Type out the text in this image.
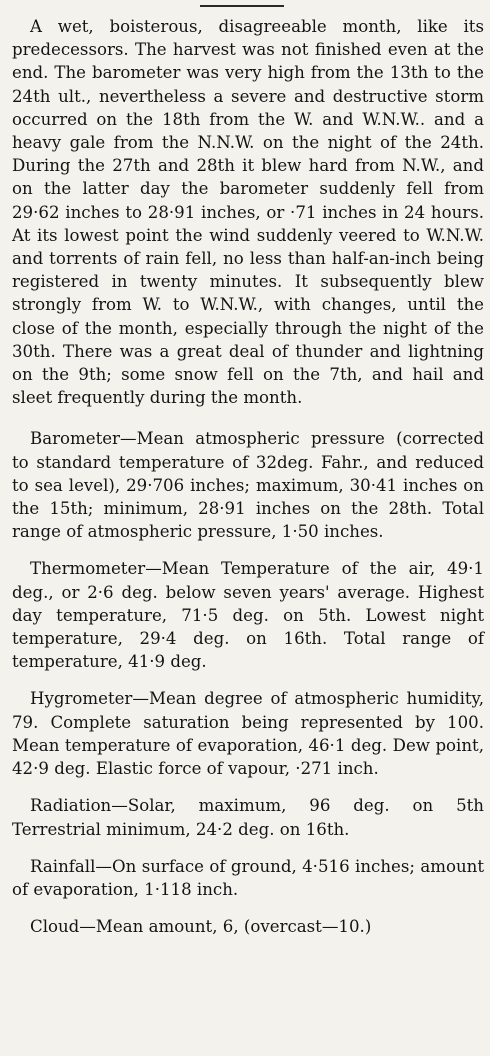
A wet, boisterous, disagreeable month, like its predecessors. The harvest was not finished even at the end. The barometer was very high from the 13th to the 24th ult., nevertheless a severe and destructive storm occurred on the 18th from the W. and W.N.W.. and a heavy gale from the N.N.W. on the night of the 24th. During the 27th and 28th it blew hard from N.W., and on the latter day the barometer suddenly fell from 29·62 inches to 28·91 inches, or ·71 inches in 24 hours. At its lowest point the wind suddenly veered to W.N.W. and torrents of rain fell, no less than half-an-inch being registered in twenty minutes. It subsequently blew strongly from W. to W.N.W., with changes, until the close of the month, especially through the night of the 30th. There was a great deal of thunder and lightning on the 9th; some snow fell on the 7th, and hail and sleet frequently during the month.

Barometer—Mean atmospheric pressure (corrected to standard temperature of 32deg. Fahr., and reduced to sea level), 29·706 inches; maximum, 30·41 inches on the 15th; minimum, 28·91 inches on the 28th. Total range of atmospheric pressure, 1·50 inches.

Thermometer—Mean Temperature of the air, 49·1 deg., or 2·6 deg. below seven years' average. Highest day temperature, 71·5 deg. on 5th. Lowest night temperature, 29·4 deg. on 16th. Total range of temperature, 41·9 deg.

Hygrometer—Mean degree of atmospheric humidity, 79. Complete saturation being represented by 100. Mean temperature of evaporation, 46·1 deg. Dew point, 42·9 deg. Elastic force of vapour, ·271 inch.

Radiation—Solar, maximum, 96 deg. on 5th Terrestrial minimum, 24·2 deg. on 16th.

Rainfall—On surface of ground, 4·516 inches; amount of evaporation, 1·118 inch.

Cloud—Mean amount, 6, (overcast—10.)
